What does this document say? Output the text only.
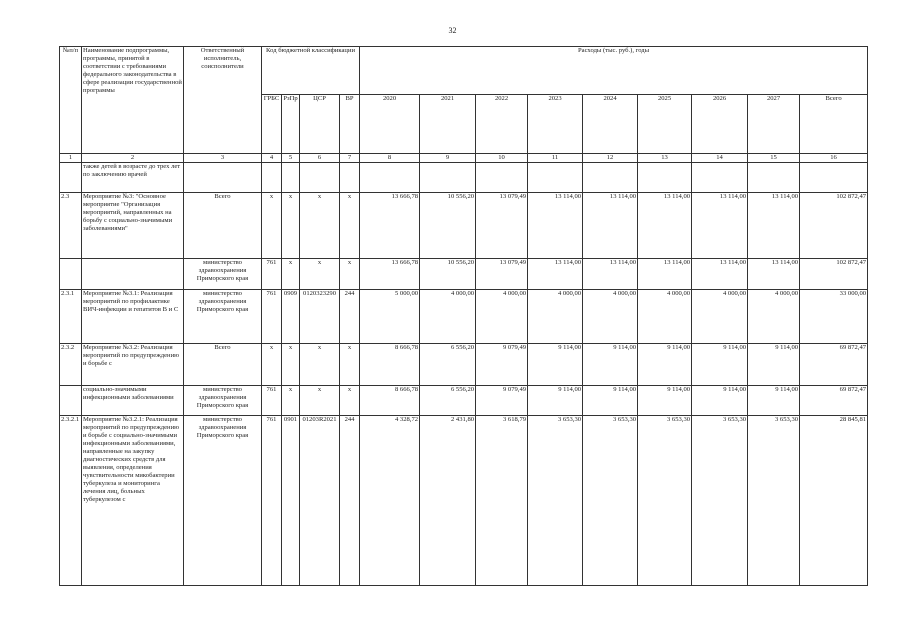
32
№п/п	Наименование подпрограммы, программы, принятой в соответствии с требованиями федерального законодательства в сфере реализации государственной программы	Ответственный исполнитель, соисполнители	Код бюджетной классификации				Расходы (тыс. руб.), годы								
			ГРБС	РзПр	ЦСР	ВР	2020	2021	2022	2023	2024	2025	2026	2027	Всего
1	2	3	4	5	6	7	8	9	10	11	12	13	14	15	16
	также детей в возрасте до трех лет по заключению врачей														
2.3	Мероприятие №3: "Основное мероприятие "Организация мероприятий, направленных на борьбу с социально-значимыми заболеваниями"	Всего	x	x	x	x	13 666,78	10 556,20	13 079,49	13 114,00	13 114,00	13 114,00	13 114,00	13 114,00	102 872,47
		министерство здравоохранения Приморского края	761	x	x	x	13 666,78	10 556,20	13 079,49	13 114,00	13 114,00	13 114,00	13 114,00	13 114,00	102 872,47
2.3.1	Мероприятие №3.1: Реализация мероприятий по профилактике ВИЧ-инфекции и гепатитов В и С	министерство здравоохранения Приморского края	761	0909	0120323290	244	5 000,00	4 000,00	4 000,00	4 000,00	4 000,00	4 000,00	4 000,00	4 000,00	33 000,00
2.3.2	Мероприятие №3.2: Реализация мероприятий по предупреждению и борьбе с	Всего	x	x	x	x	8 666,78	6 556,20	9 079,49	9 114,00	9 114,00	9 114,00	9 114,00	9 114,00	69 872,47
	социально-значимыми инфекционными заболеваниями	министерство здравоохранения Приморского края	761	x	x	x	8 666,78	6 556,20	9 079,49	9 114,00	9 114,00	9 114,00	9 114,00	9 114,00	69 872,47
2.3.2.1	Мероприятие №3.2.1: Реализация мероприятий по предупреждению и борьбе с социально-значимыми инфекционными заболеваниями, направленные на закупку диагностических средств для выявления, определения чувствительности микобактерии туберкулеза и мониторинга лечения лиц, больных туберкулезом с	министерство здравоохранения Приморского края	761	0901	01203R2021	244	4 328,72	2 431,80	3 618,79	3 653,30	3 653,30	3 653,30	3 653,30	3 653,30	28 845,81
